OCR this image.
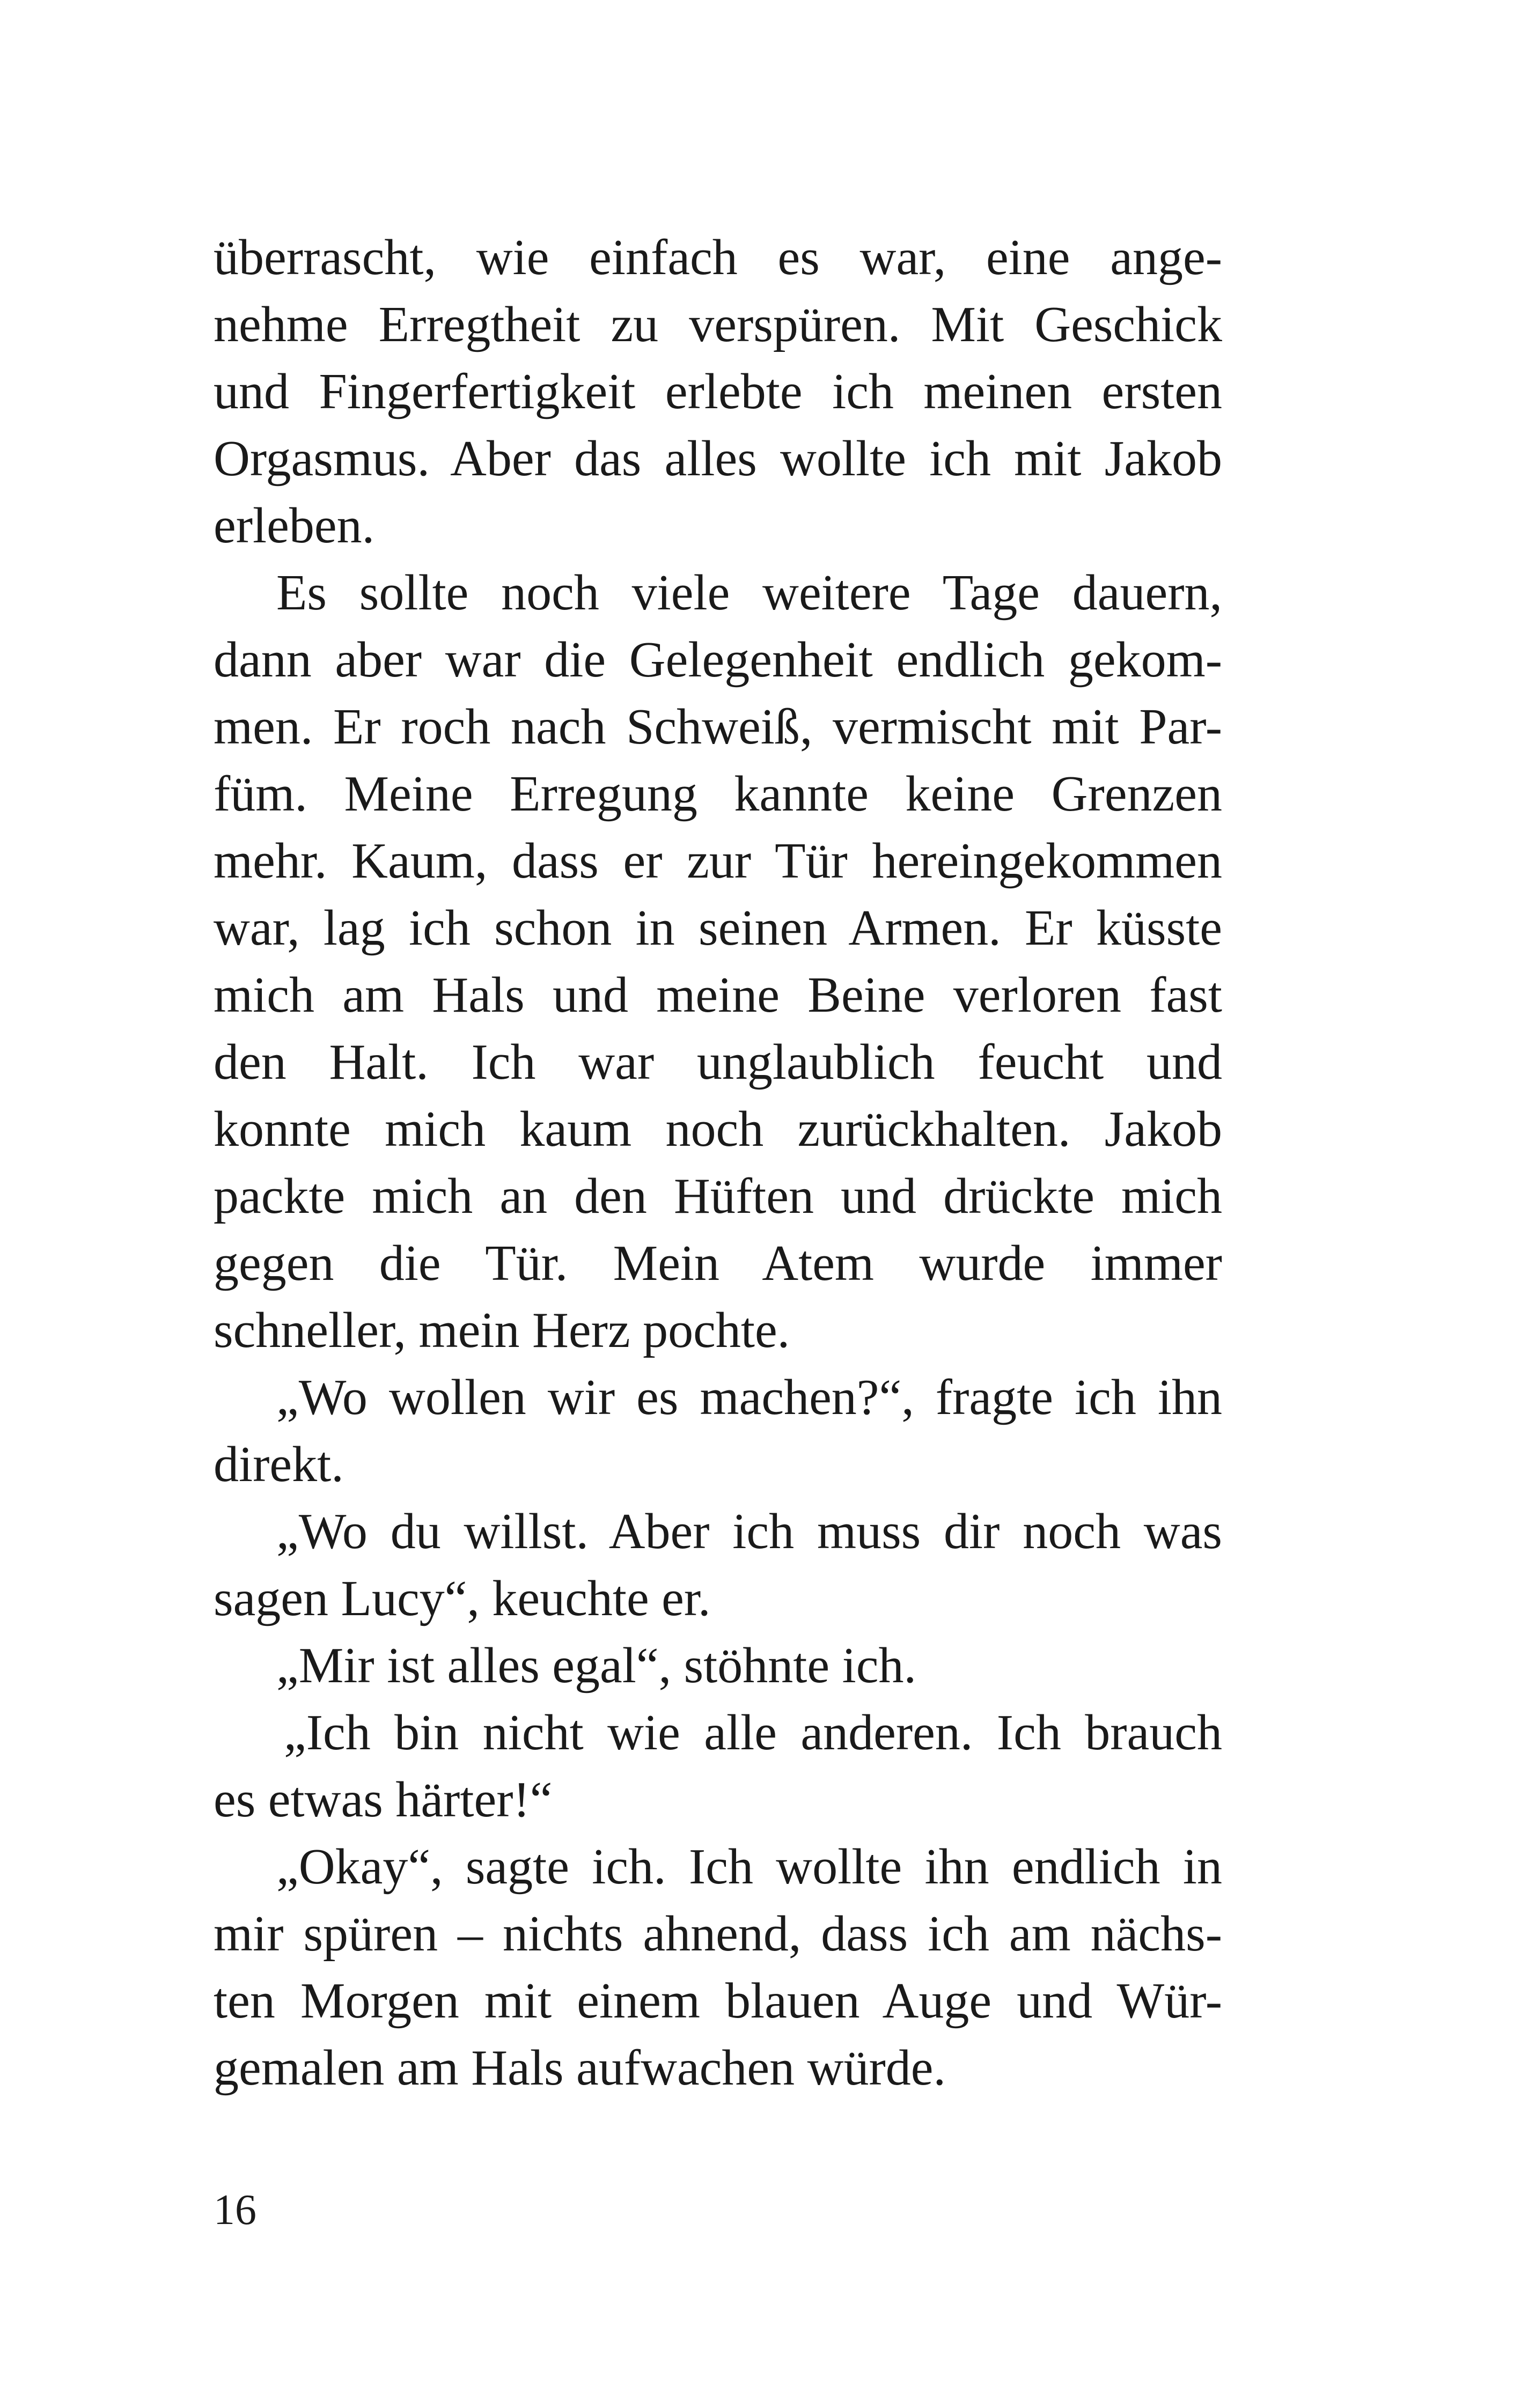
überrascht, wie einfach es war, eine ange-
nehme Erregtheit zu verspüren. Mit Geschick
und Fingerfertigkeit erlebte ich meinen ersten
Orgasmus. Aber das alles wollte ich mit Jakob
erleben.

Es sollte noch viele weitere Tage dauern,
dann aber war die Gelegenheit endlich gekom-
men. Er roch nach Schweiß, vermischt mit Par-
füm. Meine Erregung kannte keine Grenzen
mehr. Kaum, dass er zur Tür hereingekommen
war, lag ich schon in seinen Armen. Er küsste
mich am Hals und meine Beine verloren fast
den Halt. Ich war unglaublich feucht und
konnte mich kaum noch zurückhalten. Jakob
packte mich an den Hüften und drückte mich
gegen die Tür. Mein Atem wurde immer
schneller, mein Herz pochte.

„Wo wollen wir es machen?“, fragte ich ihn
direkt.

„Wo du willst. Aber ich muss dir noch was
sagen Lucy“, keuchte er.

„Mir ist alles egal“, stöhnte ich.

„Ich bin nicht wie alle anderen. Ich brauch
es etwas härter!“

„Okay“, sagte ich. Ich wollte ihn endlich in
mir spüren – nichts ahnend, dass ich am nächs-
ten Morgen mit einem blauen Auge und Wür-
gemalen am Hals aufwachen würde.

16
